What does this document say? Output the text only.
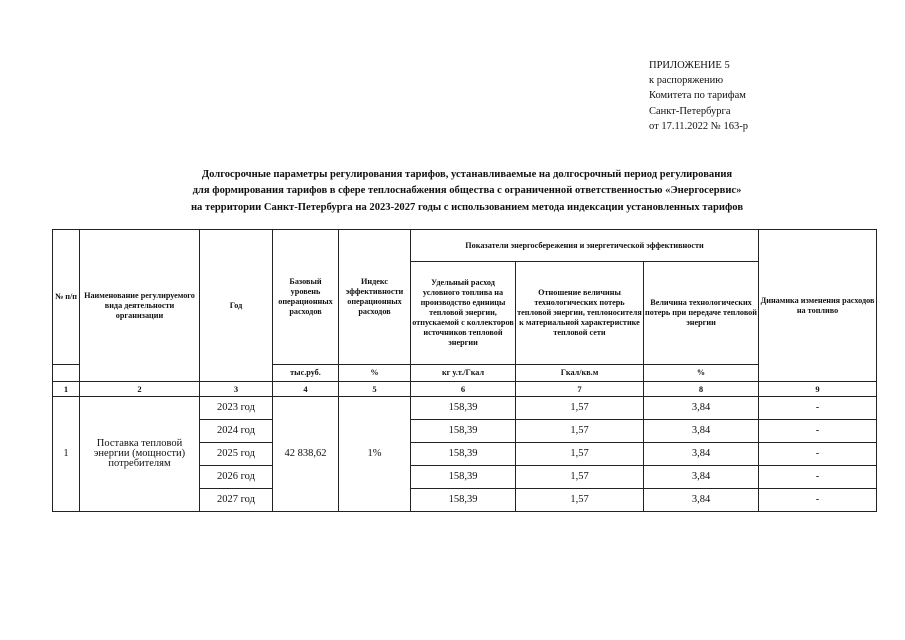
ПРИЛОЖЕНИЕ 5
к распоряжению
Комитета по тарифам
Санкт-Петербурга
от 17.11.2022 № 163-р
Долгосрочные параметры регулирования тарифов, устанавливаемые на долгосрочный период регулирования
для формирования тарифов в сфере теплоснабжения общества с ограниченной ответственностью «Энергосервис»
на территории Санкт-Петербурга на 2023-2027 годы с использованием метода индексации установленных тарифов
№ п/п	Наименование регулируемого вида деятельности организации	Год	Базовый уровень операционных расходов	Индекс эффективности операционных расходов	Показатели энергосбережения и энергетической эффективности			Динамика изменения расходов на топливо
					Удельный расход условного топлива на производство единицы тепловой энергии, отпускаемой с коллекторов источников тепловой энергии	Отношение величины технологических потерь тепловой энергии, теплоносителя к материальной характеристике тепловой сети	Величина технологических потерь при передаче тепловой энергии	
			тыс.руб.	%	кг у.т./Гкал	Гкал/кв.м	%	
1	2	3	4	5	6	7	8	9
1	Поставка тепловой энергии (мощности) потребителям	2023 год	42 838,62	1%	158,39	1,57	3,84	-
		2024 год			158,39	1,57	3,84	-
		2025 год			158,39	1,57	3,84	-
		2026 год			158,39	1,57	3,84	-
		2027 год			158,39	1,57	3,84	-
